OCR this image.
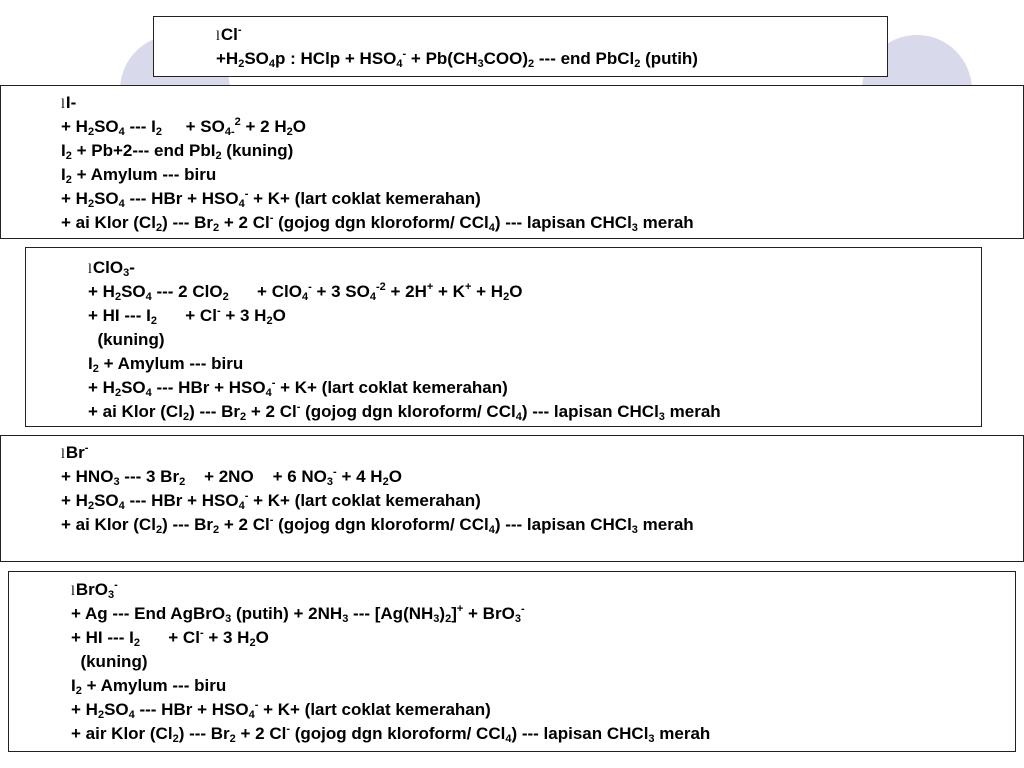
lCl-
$+H_2SO_4p$ : HClp + $HSO_4^- + Pb(CH_3COO)_2$ --- end PbCl$_2$ (putih)
lI-
+ $H_2SO_4$ --- $I_2$     + $SO_{4-}^2 + 2$ $H_2O$
$I_2 + Pb+2---$ end PbI$_2$ (kuning)
$I_2$ + Amylum --- biru
+ $H_2SO_4$ --- HBr + $HSO_4^- + K+$ (lart coklat kemerahan)
+ ai Klor $(Cl_2)$ --- $Br_2 + 2$ Cl- (gojog dgn kloroform/ CCl$_4$) --- lapisan CHCl$_3$ merah
lClO$_3$-
+ $H_2SO_4$ --- 2 ClO$_2$      + ClO$_4$- + 3 $SO_4^{-2} + 2H^+ + K^+ + H_2O$
+ HI --- $I_2$      + Cl- + 3 $H_2O$
(kuning)
$I_2$ + Amylum --- biru
+ $H_2SO_4$ --- HBr + $HSO_4^- + K+$ (lart coklat kemerahan)
+ ai Klor $(Cl_2)$ --- $Br_2 + 2$ Cl- (gojog dgn kloroform/ CCl$_4$) --- lapisan CHCl$_3$ merah
lBr-
+ $HNO_3$ --- 3 $Br_2$    + 2NO    + 6 $NO_3^- + 4$ $H_2O$
+ $H_2SO_4$ --- HBr + $HSO_4^- + K+$ (lart coklat kemerahan)
+ ai Klor $(Cl_2)$ --- $Br_2 + 2$ Cl- (gojog dgn kloroform/ CCl$_4$) --- lapisan CHCl$_3$ merah
lBrO$_3$-
+ Ag --- End AgBrO$_3$ (putih) + $2NH_3$ --- $[Ag(NH_3)_2]^+ + BrO_3^-$
+ HI --- $I_2$      + Cl- + 3 $H_2O$
(kuning)
$I_2$ + Amylum --- biru
+ $H_2SO_4$ --- HBr + $HSO_4^- + K+$ (lart coklat kemerahan)
+ air Klor $(Cl_2)$ --- $Br_2 + 2$ Cl- (gojog dgn kloroform/ CCl$_4$) --- lapisan CHCl$_3$ merah
